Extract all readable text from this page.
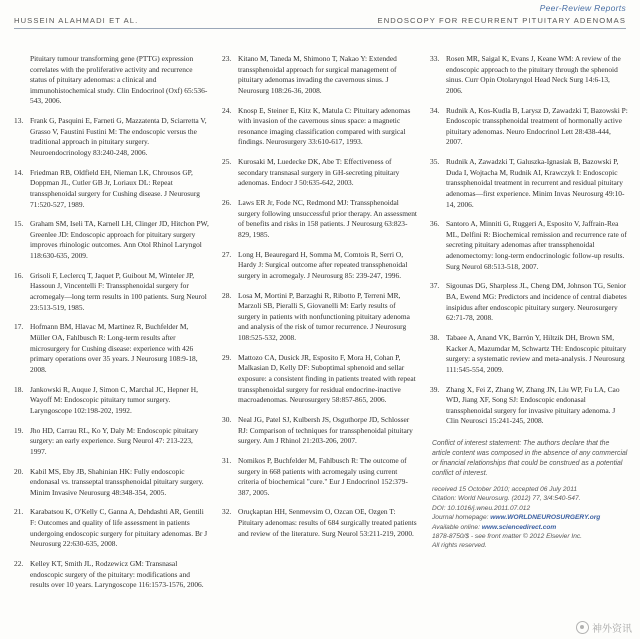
Peer-Review Reports
HUSSEIN ALAHMADI ET AL.	ENDOSCOPY FOR RECURRENT PITUITARY ADENOMAS
Pituitary tumour transforming gene (PTTG) expression correlates with the proliferative activity and recurrence status of pituitary adenomas: a clinical and immunohistochemical study. Clin Endocrinol (Oxf) 65:536-543, 2006.
13. Frank G, Pasquini E, Farneti G, Mazzatenta D, Sciarretta V, Grasso V, Faustini Fustini M: The endoscopic versus the traditional approach in pituitary surgery. Neuroendocrinology 83:240-248, 2006.
14. Friedman RB, Oldfield EH, Nieman LK, Chrousos GP, Doppman JL, Cutler GB Jr, Loriaux DL: Repeat transsphenoidal surgery for Cushing disease. J Neurosurg 71:520-527, 1989.
15. Graham SM, Iseli TA, Karnell LH, Clinger JD, Hitchon PW, Greenlee JD: Endoscopic approach for pituitary surgery improves rhinologic outcomes. Ann Otol Rhinol Laryngol 118:630-635, 2009.
16. Grisoli F, Leclercq T, Jaquet P, Guibout M, Winteler JP, Hassoun J, Vincentelli F: Transsphenoidal surgery for acromegaly—long term results in 100 patients. Surg Neurol 23:513-519, 1985.
17. Hofmann BM, Hlavac M, Martinez R, Buchfelder M, Müller OA, Fahlbusch R: Long-term results after microsurgery for Cushing disease: experience with 426 primary operations over 35 years. J Neurosurg 108:9-18, 2008.
18. Jankowski R, Auque J, Simon C, Marchal JC, Hepner H, Wayoff M: Endoscopic pituitary tumor surgery. Laryngoscope 102:198-202, 1992.
19. Jho HD, Carrau RL, Ko Y, Daly M: Endoscopic pituitary surgery: an early experience. Surg Neurol 47: 213-223, 1997.
20. Kabil MS, Eby JB, Shahinian HK: Fully endoscopic endonasal vs. transseptal transsphenoidal pituitary surgery. Minim Invasive Neurosurg 48:348-354, 2005.
21. Karabatsou K, O'Kelly C, Ganna A, Dehdashti AR, Gentili F: Outcomes and quality of life assessment in patients undergoing endoscopic surgery for pituitary adenomas. Br J Neurosurg 22:630-635, 2008.
22. Kelley KT, Smith JL, Rodzewicz GM: Transnasal endoscopic surgery of the pituitary: modifications and results over 10 years. Laryngoscope 116:1573-1576, 2006.
23. Kitano M, Taneda M, Shimono T, Nakao Y: Extended transsphenoidal approach for surgical management of pituitary adenomas invading the cavernous sinus. J Neurosurg 108:26-36, 2008.
24. Knosp E, Steiner E, Kitz K, Matula C: Pituitary adenomas with invasion of the cavernous sinus space: a magnetic resonance imaging classification compared with surgical findings. Neurosurgery 33:610-617, 1993.
25. Kurosaki M, Luedecke DK, Abe T: Effectiveness of secondary transnasal surgery in GH-secreting pituitary adenomas. Endocr J 50:635-642, 2003.
26. Laws ER Jr, Fode NC, Redmond MJ: Transsphenoidal surgery following unsuccessful prior therapy. An assessment of benefits and risks in 158 patients. J Neurosurg 63:823-829, 1985.
27. Long H, Beauregard H, Somma M, Comtois R, Serri O, Hardy J: Surgical outcome after repeated transsphenoidal surgery in acromegaly. J Neurosurg 85: 239-247, 1996.
28. Losa M, Mortini P, Barzaghi R, Ribotto P, Terreni MR, Marzoli SB, Pieralli S, Giovanelli M: Early results of surgery in patients with nonfunctioning pituitary adenoma and analysis of the risk of tumor recurrence. J Neurosurg 108:525-532, 2008.
29. Mattozo CA, Dusick JR, Esposito F, Mora H, Cohan P, Malkasian D, Kelly DF: Suboptimal sphenoid and sellar exposure: a consistent finding in patients treated with repeat transsphenoidal surgery for residual endocrine-inactive macroadenomas. Neurosurgery 58:857-865, 2006.
30. Neal JG, Patel SJ, Kulbersh JS, Osguthorpe JD, Schlosser RJ: Comparison of techniques for transsphenoidal pituitary surgery. Am J Rhinol 21:203-206, 2007.
31. Nomikos P, Buchfelder M, Fahlbusch R: The outcome of surgery in 668 patients with acromegaly using current criteria of biochemical "cure." Eur J Endocrinol 152:379-387, 2005.
32. Oruçkaptan HH, Senmevsim O, Ozcan OE, Ozgen T: Pituitary adenomas: results of 684 surgically treated patients and review of the literature. Surg Neurol 53:211-219, 2000.
33. Rosen MR, Saigal K, Evans J, Keane WM: A review of the endoscopic approach to the pituitary through the sphenoid sinus. Curr Opin Otolaryngol Head Neck Surg 14:6-13, 2006.
34. Rudnik A, Kos-Kudla B, Larysz D, Zawadzki T, Bazowski P: Endoscopic transsphenoidal treatment of hormonally active pituitary adenomas. Neuro Endocrinol Lett 28:438-444, 2007.
35. Rudnik A, Zawadzki T, Galuszka-Ignasiak B, Bazowski P, Duda I, Wojtacha M, Rudnik AI, Krawczyk I: Endoscopic transsphenoidal treatment in recurrent and residual pituitary adenomas—first experience. Minim Invas Neurosurg 49:10-14, 2006.
36. Santoro A, Minniti G, Ruggeri A, Esposito V, Jaffrain-Rea ML, Delfini R: Biochemical remission and recurrence rate of secreting pituitary adenomas after transsphenoidal adenomectomy: long-term endocrinologic follow-up results. Surg Neurol 68:513-518, 2007.
37. Sigounas DG, Sharpless JL, Cheng DM, Johnson TG, Senior BA, Ewend MG: Predictors and incidence of central diabetes insipidus after endoscopic pituitary surgery. Neurosurgery 62:71-78, 2008.
38. Tabaee A, Anand VK, Barrón Y, Hiltzik DH, Brown SM, Kacker A, Mazumdar M, Schwartz TH: Endoscopic pituitary surgery: a systematic review and meta-analysis. J Neurosurg 111:545-554, 2009.
39. Zhang X, Fei Z, Zhang W, Zhang JN, Liu WP, Fu LA, Cao WD, Jiang XF, Song SJ: Endoscopic endonasal transsphenoidal surgery for invasive pituitary adenoma. J Clin Neurosci 15:241-245, 2008.

Conflict of interest statement: The authors declare that the article content was composed in the absence of any commercial or financial relationships that could be construed as a potential conflict of interest.

received 15 October 2010; accepted 06 July 2011
Citation: World Neurosurg. (2012) 77, 3/4:540-547.
DOI: 10.1016/j.wneu.2011.07.012
Journal homepage: www.WORLDNEUROSURGERY.org
Available online: www.sciencedirect.com
1878-8750/$ - see front matter © 2012 Elsevier Inc.
All rights reserved.
神外资讯
